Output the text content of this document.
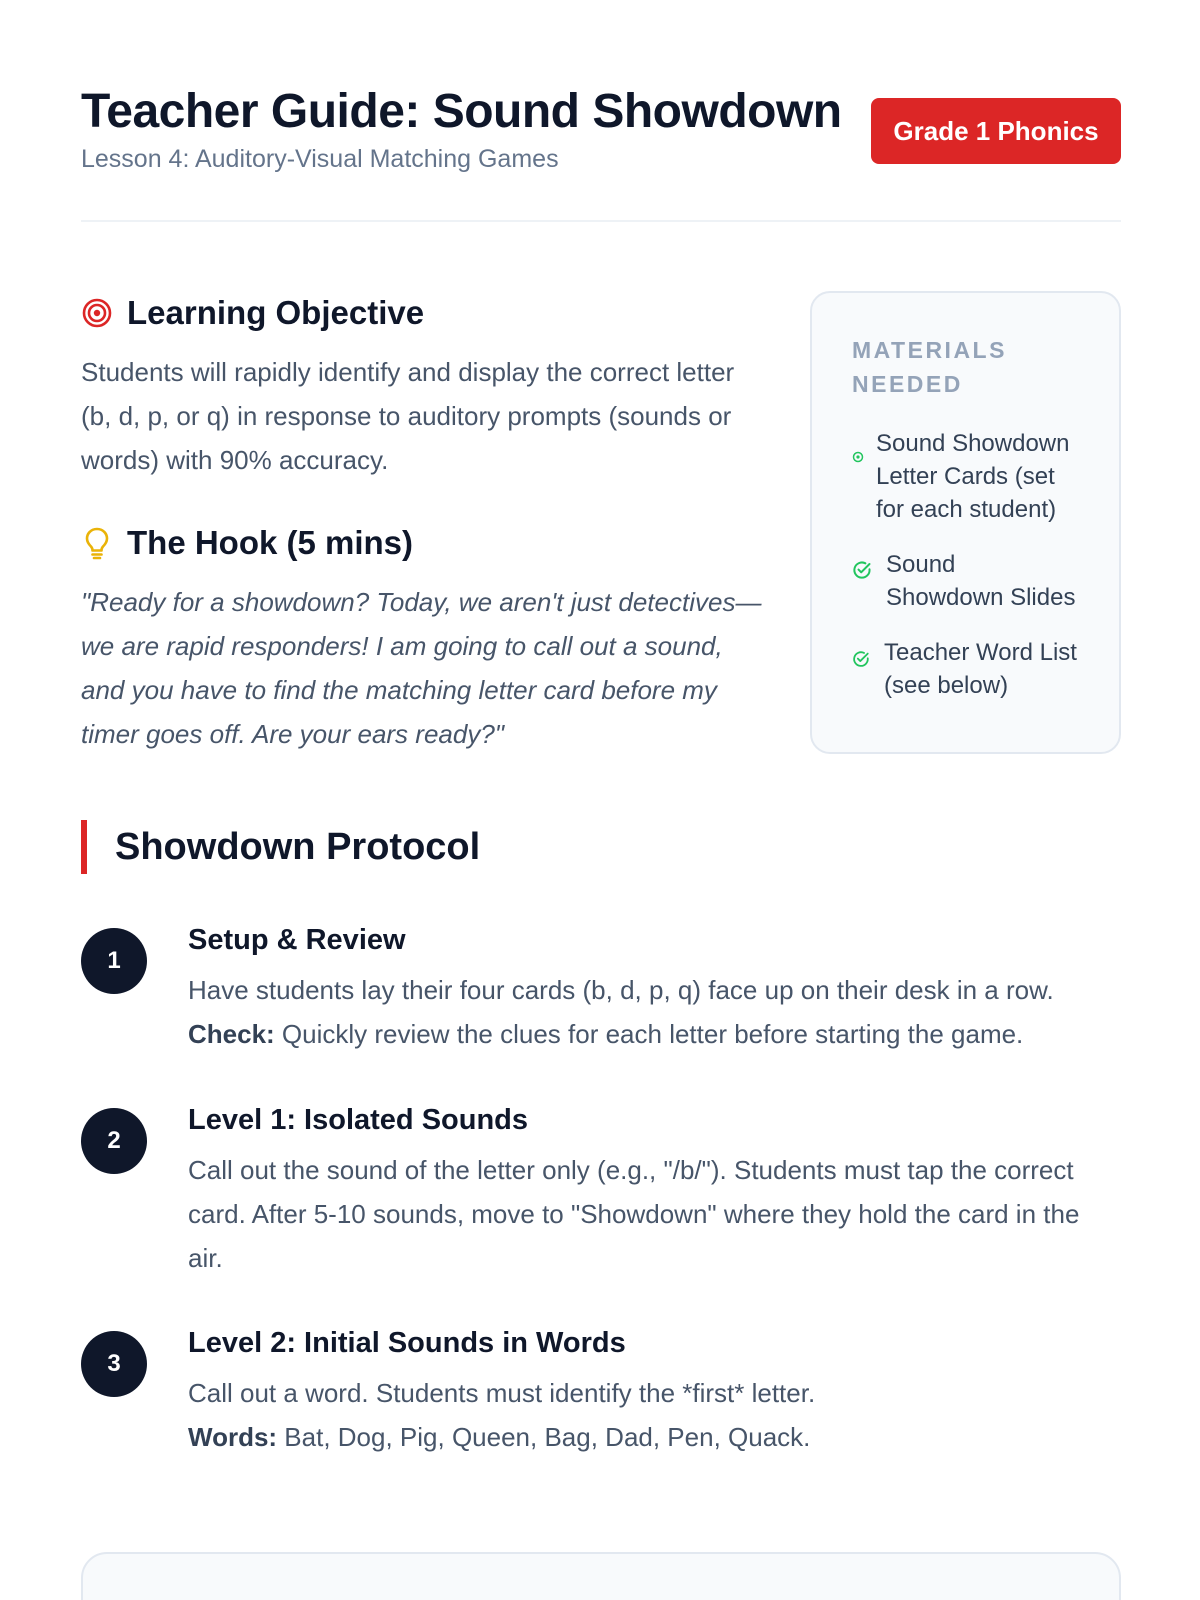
Teacher Guide: Sound Showdown
Lesson 4: Auditory-Visual Matching Games
Grade 1 Phonics
Learning Objective

Students will rapidly identify and display the correct letter (b, d, p, or q) in response to auditory prompts (sounds or words) with 90% accuracy.

The Hook (5 mins)

"Ready for a showdown? Today, we aren't just detectives—we are rapid responders! I am going to call out a sound, and you have to find the matching letter card before my timer goes off. Are your ears ready?"

MATERIALS NEEDED
Sound Showdown Letter Cards (set for each student)
Sound Showdown Slides
Teacher Word List (see below)
Showdown Protocol
1
Setup & Review

Have students lay their four cards (b, d, p, q) face up on their desk in a row.
Check: Quickly review the clues for each letter before starting the game.

2
Level 1: Isolated Sounds

Call out the sound of the letter only (e.g., "/b/"). Students must tap the correct card. After 5-10 sounds, move to "Showdown" where they hold the card in the air.

3
Level 2: Initial Sounds in Words

Call out a word. Students must identify the *first* letter.
Words: Bat, Dog, Pig, Queen, Bag, Dad, Pen, Quack.
